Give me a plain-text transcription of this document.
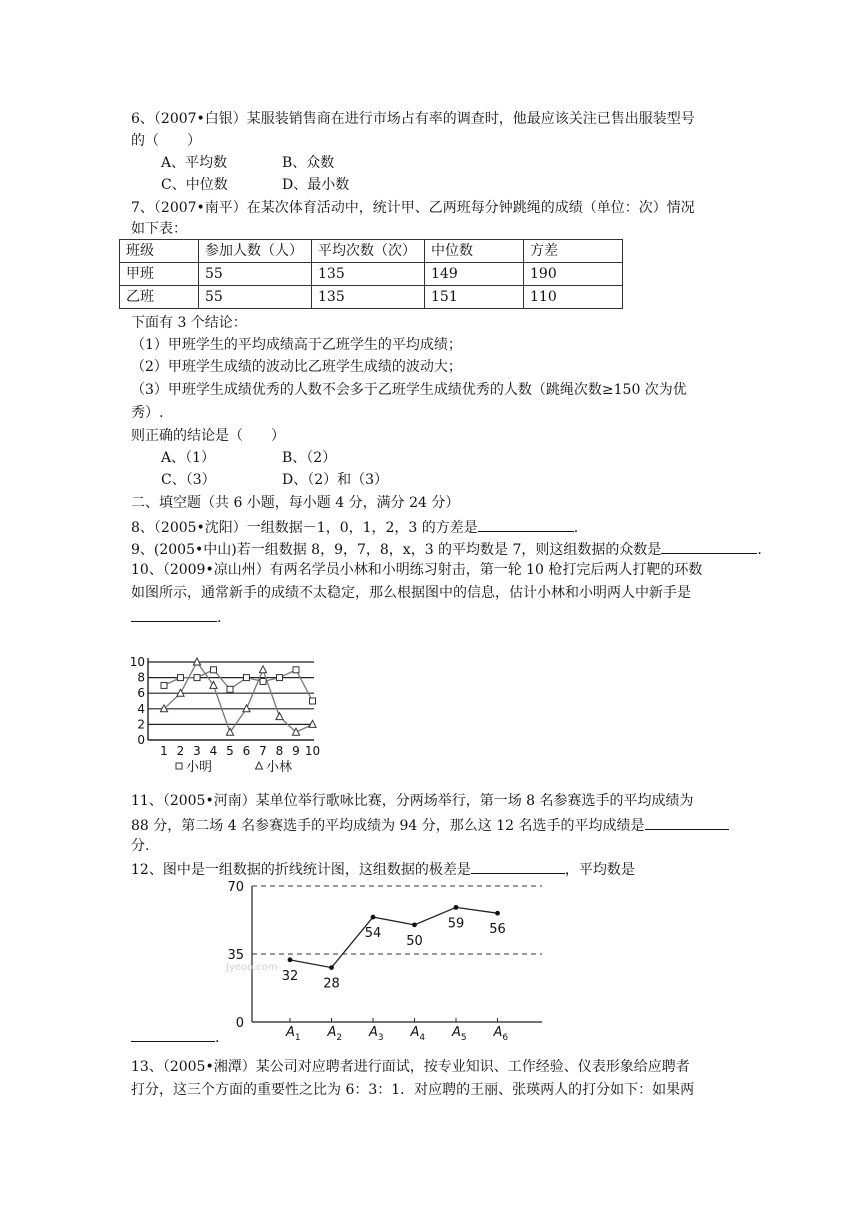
6、（2007•白银）某服装销售商在进行市场占有率的调查时，他最应该关注已售出服装型号
的（　　）
A、平均数	B、众数
C、中位数	D、最小数
7、（2007•南平）在某次体育活动中，统计甲、乙两班每分钟跳绳的成绩（单位：次）情况
如下表：
班级	参加人数（人）	平均次数（次）	中位数	方差
甲班	55	135	149	190
乙班	55	135	151	110
下面有 3 个结论：
（1）甲班学生的平均成绩高于乙班学生的平均成绩；
（2）甲班学生成绩的波动比乙班学生成绩的波动大；
（3）甲班学生成绩优秀的人数不会多于乙班学生成绩优秀的人数（跳绳次数≥150 次为优
秀）.
则正确的结论是（　　）
A、（1）	B、（2）
C、（3）	D、（2）和（3）
二、填空题（共 6 小题，每小题 4 分，满分 24 分）
8、（2005•沈阳）一组数据－1，0，1，2，3 的方差是	.
9、(2005•中山)若一组数据 8，9，7，8，x，3 的平均数是 7，则这组数据的众数是	.
10、（2009•凉山州）有两名学员小林和小明练习射击，第一轮 10 枪打完后两人打靶的环数
如图所示，通常新手的成绩不太稳定，那么根据图中的信息，估计小林和小明两人中新手是
.
0
2
4
6
8
10
1 2 3 4 5 6 7 8 9 10
小明	小林
11、（2005•河南）某单位举行歌咏比赛，分两场举行，第一场 8 名参赛选手的平均成绩为
88 分，第二场 4 名参赛选手的平均成绩为 94 分，那么这 12 名选手的平均成绩是
分.
12、图中是一组数据的折线统计图，这组数据的极差是	，平均数是
0
35
70
Jyeoo.com
$A_1$ $A_2$ $A_3$ $A_4$ $A_5$ $A_6$
32
28
54
50
59 56
.
13、（2005•湘潭）某公司对应聘者进行面试，按专业知识、工作经验、仪表形象给应聘者
打分，这三个方面的重要性之比为 6：3：1．对应聘的王丽、张瑛两人的打分如下：如果两
